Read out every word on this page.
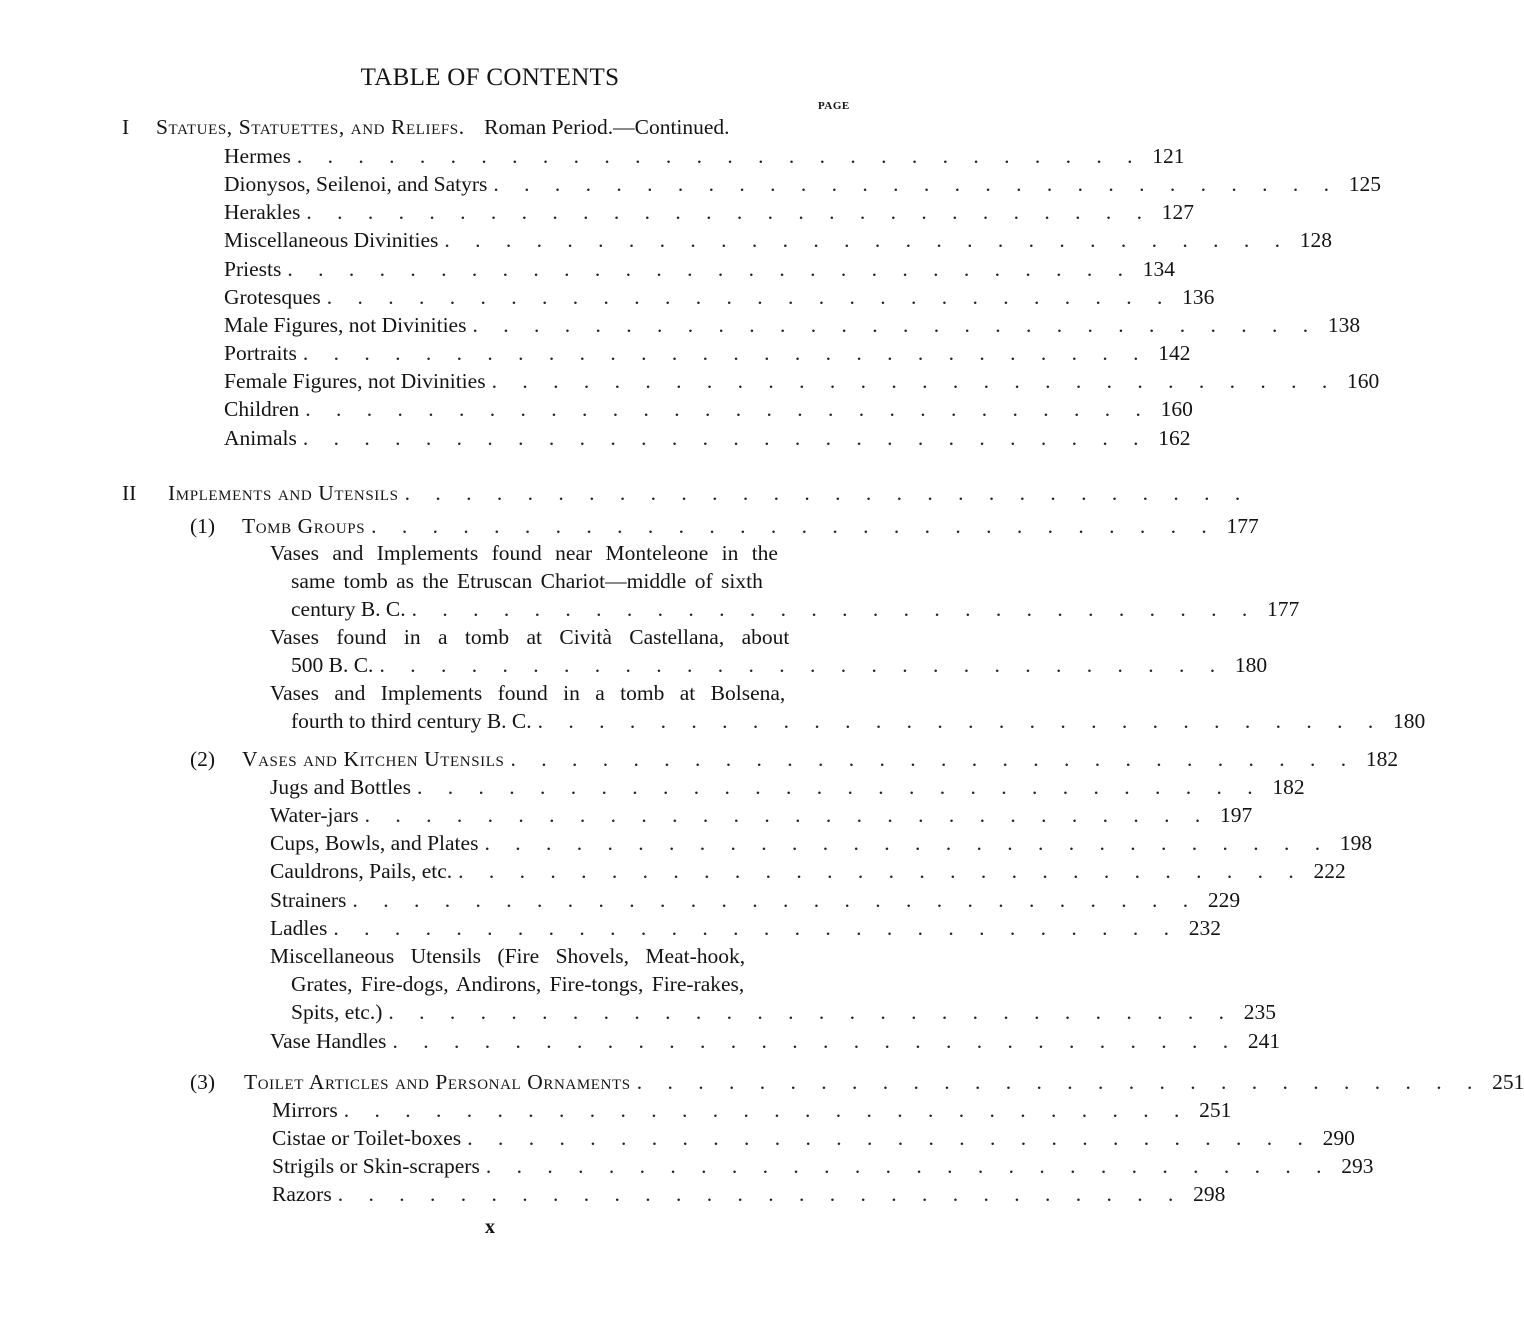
TABLE OF CONTENTS
PAGE
I Statues, Statuettes, and Reliefs. Roman Period.—Continued.
Hermes . . . . . . . . . . . . . . . . . . . . . . . . . . . . 121
Dionysos, Seilenoi, and Satyrs . . . . . . . . . . . . . . . . . . . . . . . . . . . . 125
Herakles . . . . . . . . . . . . . . . . . . . . . . . . . . . . 127
Miscellaneous Divinities . . . . . . . . . . . . . . . . . . . . . . . . . . . . 128
Priests . . . . . . . . . . . . . . . . . . . . . . . . . . . . 134
Grotesques . . . . . . . . . . . . . . . . . . . . . . . . . . . . 136
Male Figures, not Divinities . . . . . . . . . . . . . . . . . . . . . . . . . . . . 138
Portraits . . . . . . . . . . . . . . . . . . . . . . . . . . . . 142
Female Figures, not Divinities . . . . . . . . . . . . . . . . . . . . . . . . . . . . 160
Children . . . . . . . . . . . . . . . . . . . . . . . . . . . . 160
Animals . . . . . . . . . . . . . . . . . . . . . . . . . . . . 162
II Implements and Utensils . . . . . . . . . . . . . . . . . . . . . . . . . . . .
(1) Tomb Groups . . . . . . . . . . . . . . . . . . . . . . . . . . . . 177
Vases and Implements found near Monteleone in the
same tomb as the Etruscan Chariot—middle of sixth
century B. C. . . . . . . . . . . . . . . . . . . . . . . . . . . . . 177
Vases found in a tomb at Cività Castellana, about
500 B. C. . . . . . . . . . . . . . . . . . . . . . . . . . . . . 180
Vases and Implements found in a tomb at Bolsena,
fourth to third century B. C. . . . . . . . . . . . . . . . . . . . . . . . . . . . . 180
(2) Vases and Kitchen Utensils . . . . . . . . . . . . . . . . . . . . . . . . . . . . 182
Jugs and Bottles . . . . . . . . . . . . . . . . . . . . . . . . . . . . 182
Water-jars . . . . . . . . . . . . . . . . . . . . . . . . . . . . 197
Cups, Bowls, and Plates . . . . . . . . . . . . . . . . . . . . . . . . . . . . 198
Cauldrons, Pails, etc. . . . . . . . . . . . . . . . . . . . . . . . . . . . . 222
Strainers . . . . . . . . . . . . . . . . . . . . . . . . . . . . 229
Ladles . . . . . . . . . . . . . . . . . . . . . . . . . . . . 232
Miscellaneous Utensils (Fire Shovels, Meat-hook,
Grates, Fire-dogs, Andirons, Fire-tongs, Fire-rakes,
Spits, etc.) . . . . . . . . . . . . . . . . . . . . . . . . . . . . 235
Vase Handles . . . . . . . . . . . . . . . . . . . . . . . . . . . . 241
(3) Toilet Articles and Personal Ornaments . . . . . . . . . . . . . . . . . . . . . . . . . . . . 251
Mirrors . . . . . . . . . . . . . . . . . . . . . . . . . . . . 251
Cistae or Toilet-boxes . . . . . . . . . . . . . . . . . . . . . . . . . . . . 290
Strigils or Skin-scrapers . . . . . . . . . . . . . . . . . . . . . . . . . . . . 293
Razors . . . . . . . . . . . . . . . . . . . . . . . . . . . . 298
x
